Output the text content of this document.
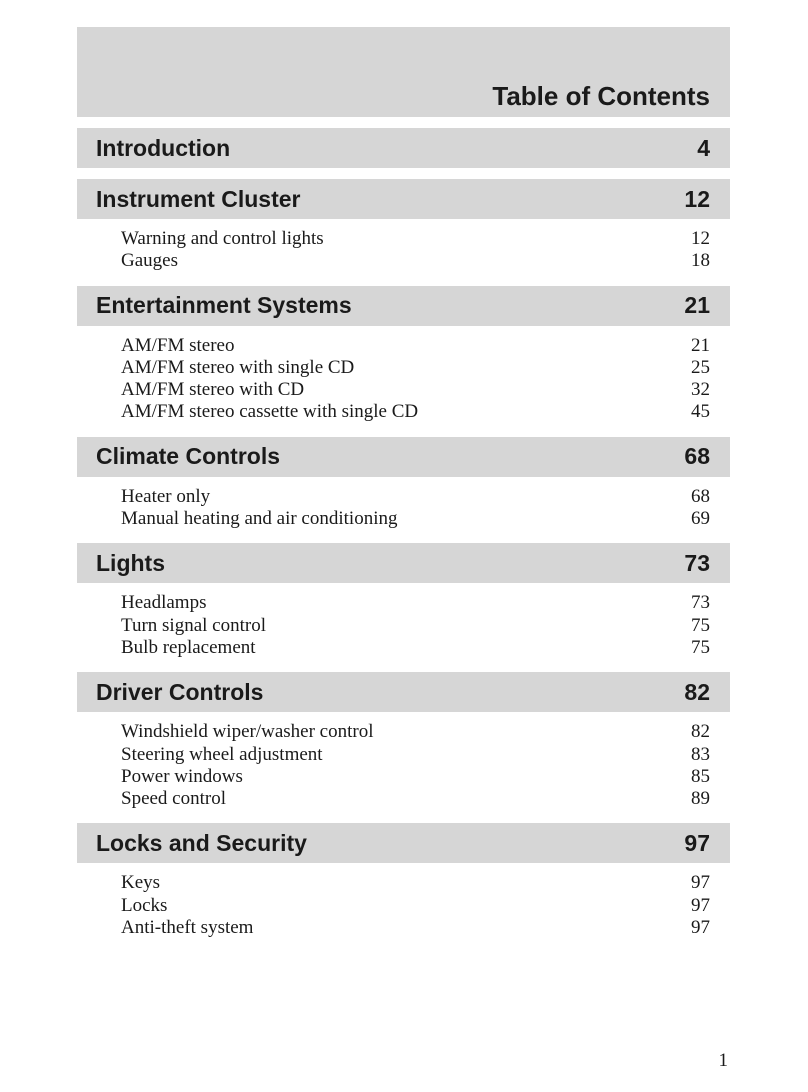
Table of Contents
Introduction	4
Instrument Cluster	12
Warning and control lights	12
Gauges	18
Entertainment Systems	21
AM/FM stereo	21
AM/FM stereo with single CD	25
AM/FM stereo with CD	32
AM/FM stereo cassette with single CD	45
Climate Controls	68
Heater only	68
Manual heating and air conditioning	69
Lights	73
Headlamps	73
Turn signal control	75
Bulb replacement	75
Driver Controls	82
Windshield wiper/washer control	82
Steering wheel adjustment	83
Power windows	85
Speed control	89
Locks and Security	97
Keys	97
Locks	97
Anti-theft system	97
1
